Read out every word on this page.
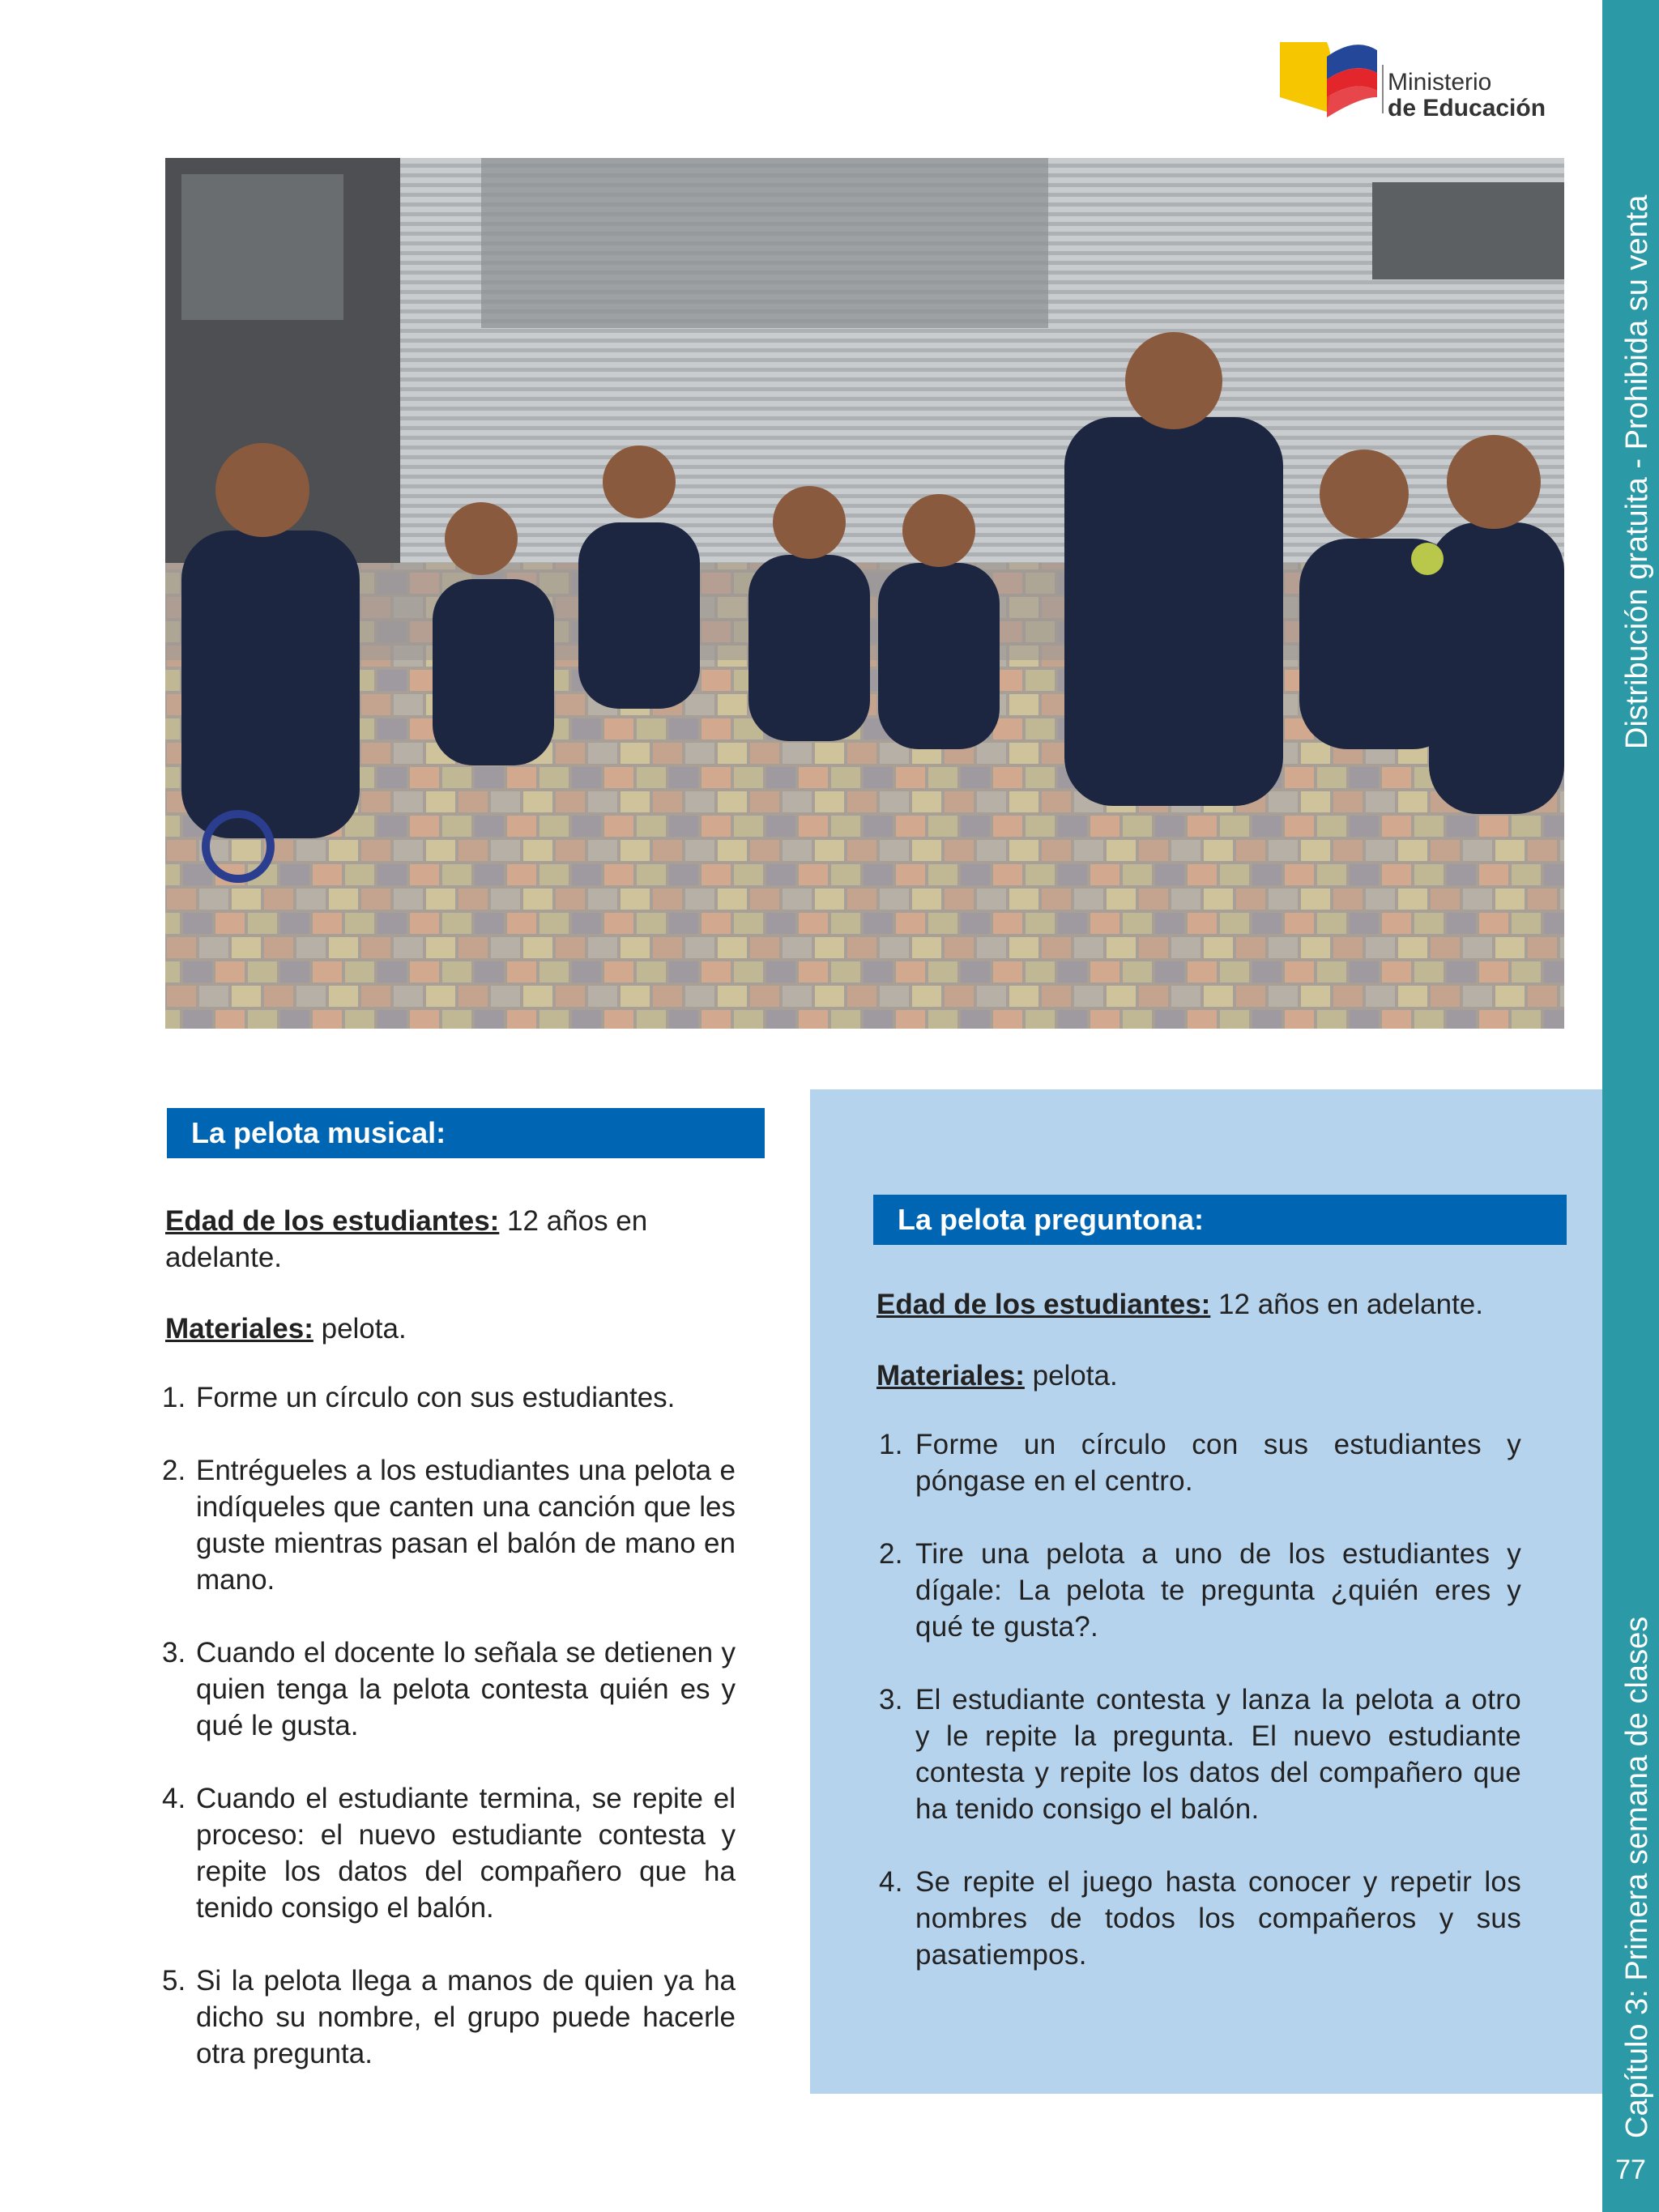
Ministerio
de Educación
La pelota musical:
La pelota preguntona:

Edad de los estudiantes: 12 años en adelante.

Materiales: pelota.

1. Forme un círculo con sus estudiantes.
2. Entrégueles a los estudiantes una pelota e indíqueles que canten una canción que les guste mientras pasan el balón de mano en mano.
3. Cuando el docente lo señala se detienen y quien tenga la pelota contesta quién es y qué le gusta.
4. Cuando el estudiante termina, se repite el proceso: el nuevo estudiante contesta y repite los datos del compañero que ha tenido consigo el balón.
5. Si la pelota llega a manos de quien ya ha dicho su nombre, el grupo puede hacerle otra pregunta.

Edad de los estudiantes: 12 años en adelante.

Materiales: pelota.

1. Forme un círculo con sus estudiantes y póngase en el centro.
2. Tire una pelota a uno de los estudiantes y dígale: La pelota te pregunta ¿quién eres y qué te gusta?.
3. El estudiante contesta y lanza la pelota a otro y le repite la pregunta. El nuevo estudiante contesta y repite los datos del compañero que ha tenido consigo el balón.
4. Se repite el juego hasta conocer y repetir los nombres de todos los compañeros y sus pasatiempos.
Distribución gratuita - Prohibida su venta
Capítulo 3: Primera semana de clases
77
